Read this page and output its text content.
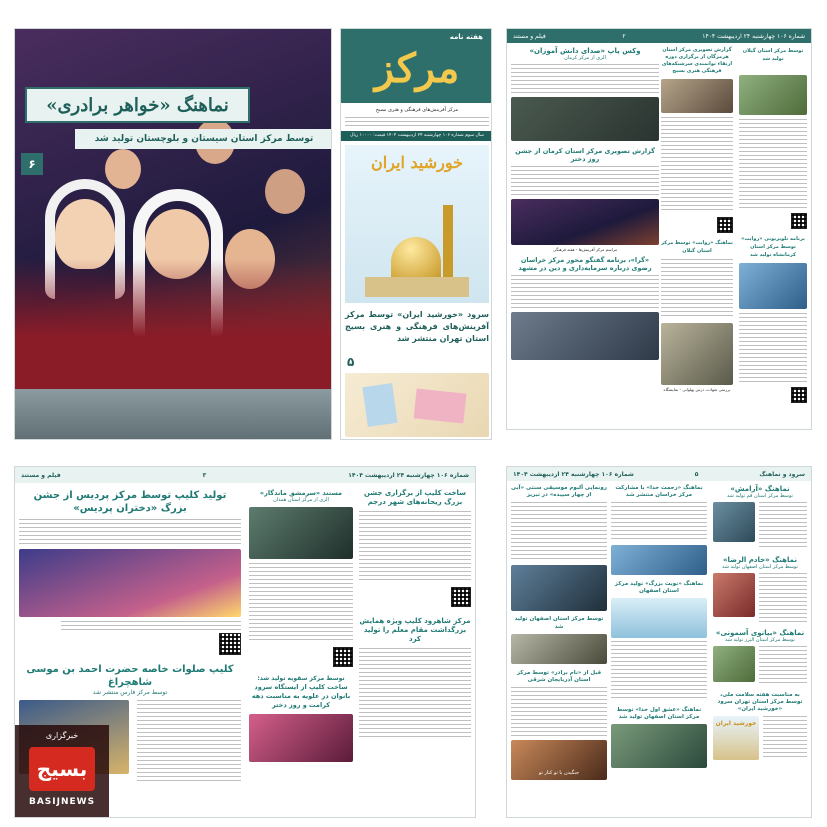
نماهنگ «خواهر برادری»
توسط مرکز استان سیستان و بلوچستان تولید شد
۶
هفته نامه
مرکز
مرکز آفرینش‌های فرهنگی و هنری بسیج
سال سوم شماره ۱۰۶ چهارشنبه ۲۴ اردیبهشت ۱۴۰۴ قیمت: ۱۰۰۰۰ ریال
خورشید ایران
سرود «خورشید ایران» توسط مرکز آفرینش‌های فرهنگی و هنری بسیج استان تهران منتشر شد
۵
شماره ۱۰۶ چهارشنبه ۲۴ اردیبهشت ۱۴۰۴
۲
فیلم و مستند
توسط مرکز استان گیلان تولید شد
برنامه تلویزیونی «روایت» توسط مرکز استان کرمانشاه تولید شد
گزارش تصویری مرکز استان هرمزگان از برگزاری دوره ارتقاء توانمندی سرشبکه‌های فرهنگی هنری بسیج
نماهنگ «روایت» توسط مرکز استان گیلان
بررسی شهادت درس پهلوانی - نمایشگاه
وکس پاپ «صدای دانش آموزان»
الزی از مرکز کرمان
گزارش تصویری مرکز استان کرمان از جشن روز دختر
مراسم مرکز آفرینش‌ها - هفته فرهنگی
«گرا»، برنامه گفتگو محور مرکز خراسان رضوی درباره سرمایه‌داری و دین در مشهد
شماره ۱۰۶ چهارشنبه ۲۴ اردیبهشت ۱۴۰۴
۳
فیلم و مستند
ساخت کلیپ از برگزاری جشن بزرگ ریحانه‌های شهر درجم
مرکز شاهرود کلیپ ویژه همایش بزرگداشت مقام معلم را تولید کرد
مستند «سرمشق ماندگار»
الزی از مرکز استان همدان
توسط مرکز سقویه تولید شد:
ساخت کلیپ از ایستگاه سرود بانوان در علویه به مناسبت دهه کرامت و روز دختر
تولید کلیپ توسط مرکز پردیس از جشن بزرگ «دختران پردیس»
کلیپ صلوات خاصه حضرت احمد بن موسی شاهچراغ
توسط مرکز فارس منتشر شد
خبرگزاری
بسیج
BASIJNEWS
سرود و نماهنگ
۵
شماره ۱۰۶ چهارشنبه ۲۴ اردیبهشت ۱۴۰۴
نماهنگ «آرامش»
توسط مرکز استان قم تولید شد
نماهنگ «خادم الرضا»
توسط مرکز استان اصفهان تولید شد
نماهنگ «بیانوی آسمونی»
توسط مرکز استان البرز تولید شد
به مناسبت هفته سلامت ملی، توسط مرکز استان تهران سرود «خورشید ایران»
خورشید ایران
نماهنگ «رحمت خدا» با مشارکت مرکز خراسان منتشر شد
نماهنگ «نوبت بزرگ» تولید مرکز استان اصفهان
نماهنگ «عشق اول خدا» توسط مرکز استان اصفهان تولید شد
رونمایی آلبوم موسیقی سنتی «آیی از چهار سپیده» در تبریز
توسط مرکز استان اصفهان تولید شد
قبل از «نام برادر» توسط مرکز استان آذربایجان شرقی
جنگیدن با تو کنار تو
